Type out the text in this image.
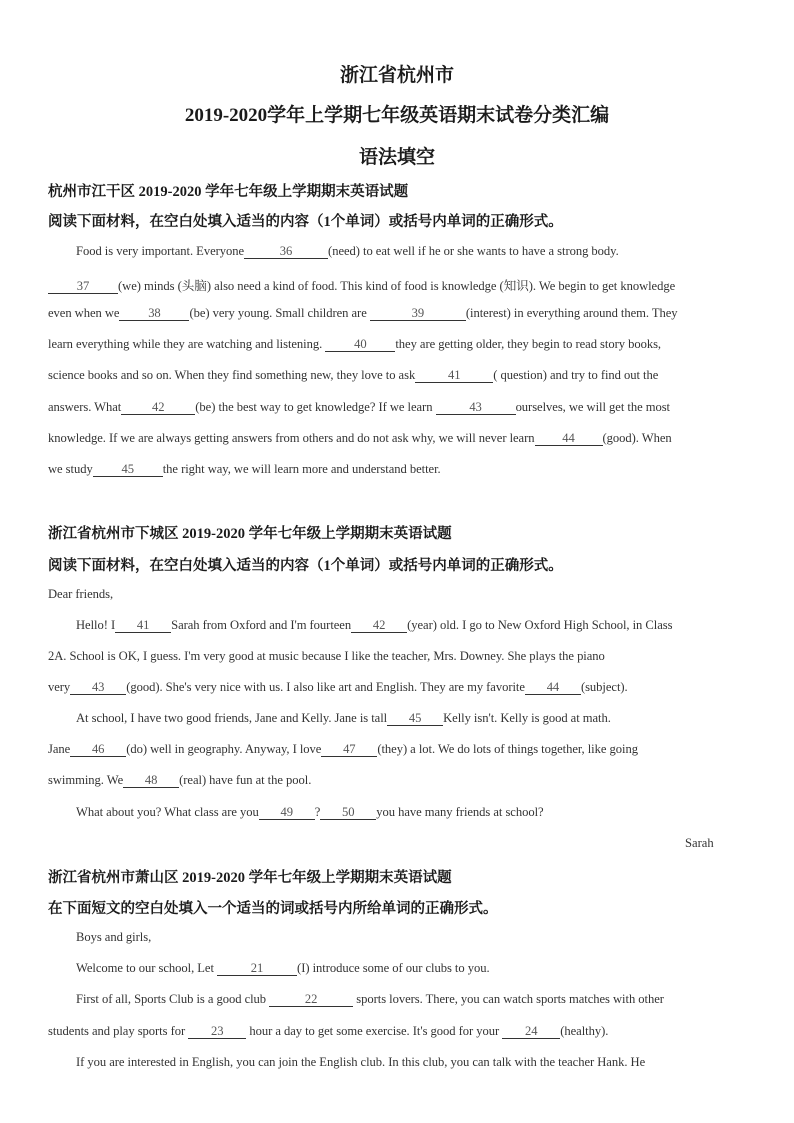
浙江省杭州市
2019-2020学年上学期七年级英语期末试卷分类汇编
语法填空
杭州市江干区 2019-2020 学年七年级上学期期末英语试题
阅读下面材料，在空白处填入适当的内容（1个单词）或括号内单词的正确形式。
Food is very important. Everyone	36	(need) to eat well if he or she wants to have a strong body.
37 (we) minds (头脑) also need a kind of food. This kind of food is knowledge (知识). We begin to get knowledge
even when we 38 (be) very young. Small children are	39	(interest) in everything around them. They
learn everything while they are watching and listening.	40 they are getting older, they begin to read story books,
science books and so on. When they find something new, they love to ask	41	( question) and try to find out the
answers. What 42 (be) the best way to get knowledge? If we learn	43	ourselves, we will get the most
knowledge. If we are always getting answers from others and do not ask why, we will never learn 44 (good). When
we study 45 the right way, we will learn more and understand better.
浙江省杭州市下城区 2019-2020 学年七年级上学期期末英语试题
阅读下面材料，在空白处填入适当的内容（1个单词）或括号内单词的正确形式。
Dear friends,
Hello! I 41 Sarah from Oxford and I'm fourteen 42 (year) old. I go to New Oxford High School, in Class
2A. School is OK, I guess. I'm very good at music because I like the teacher, Mrs. Downey. She plays the piano
very 43 (good). She's very nice with us. I also like art and English. They are my favorite 44 (subject).
At school, I have two good friends, Jane and Kelly. Jane is tall 45 Kelly isn't. Kelly is good at math.
Jane 46 (do) well in geography. Anyway, I love 47 (they) a lot. We do lots of things together, like going
swimming. We 48 (real) have fun at the pool.
What about you? What class are you 49 ? 50 you have many friends at school?
Sarah
浙江省杭州市萧山区 2019-2020 学年七年级上学期期末英语试题
在下面短文的空白处填入一个适当的词或括号内所给单词的正确形式。
Boys and girls,
Welcome to our school, Let	21	(I) introduce some of our clubs to you.
First of all, Sports Club is a good club	22	sports lovers. There, you can watch sports matches with other
students and play sports for 23 hour a day to get some exercise. It's good for your 24 (healthy).
If you are interested in English, you can join the English club. In this club, you can talk with the teacher Hank. He
